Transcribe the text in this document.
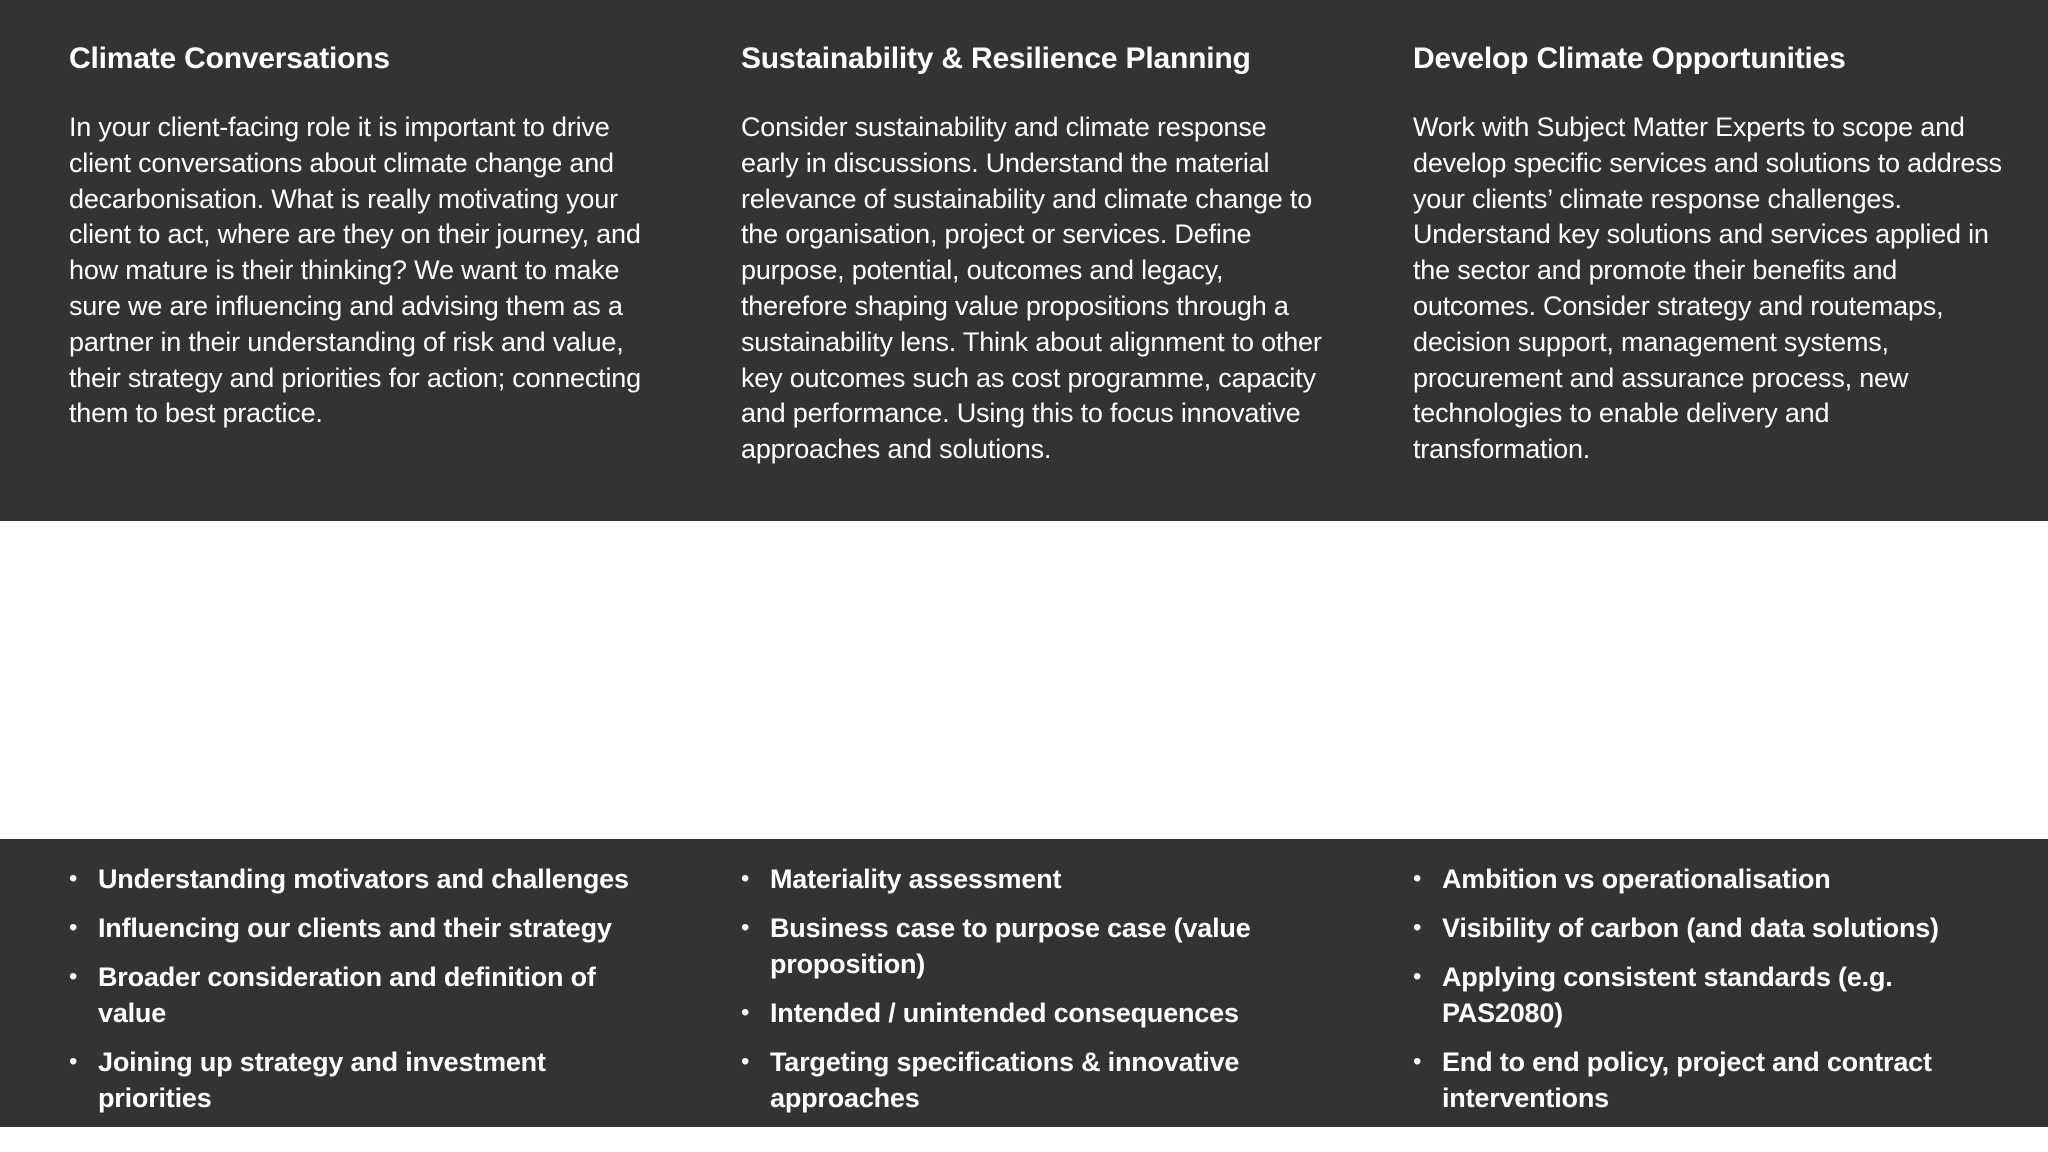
Climate Conversations

In your client-facing role it is important to drive client conversations about climate change and decarbonisation. What is really motivating your client to act, where are they on their journey, and how mature is their thinking? We want to make sure we are influencing and advising them as a partner in their understanding of risk and value, their strategy and priorities for action; connecting them to best practice.

Sustainability & Resilience Planning

Consider sustainability and climate response early in discussions. Understand the material relevance of sustainability and climate change to the organisation, project or services. Define purpose, potential, outcomes and legacy, therefore shaping value propositions through a sustainability lens. Think about alignment to other key outcomes such as cost programme, capacity and performance. Using this to focus innovative approaches and solutions.

Develop Climate Opportunities

Work with Subject Matter Experts to scope and develop specific services and solutions to address your clients’ climate response challenges. Understand key solutions and services applied in the sector and promote their benefits and outcomes. Consider strategy and routemaps, decision support, management systems, procurement and assurance process, new technologies to enable delivery and transformation.

• Understanding motivators and challenges
• Influencing our clients and their strategy
• Broader consideration and definition of value
• Joining up strategy and investment priorities
• Materiality assessment
• Business case to purpose case (value proposition)
• Intended / unintended consequences
• Targeting specifications & innovative approaches
• Ambition vs operationalisation
• Visibility of carbon (and data solutions)
• Applying consistent standards (e.g. PAS2080)
• End to end policy, project and contract interventions
